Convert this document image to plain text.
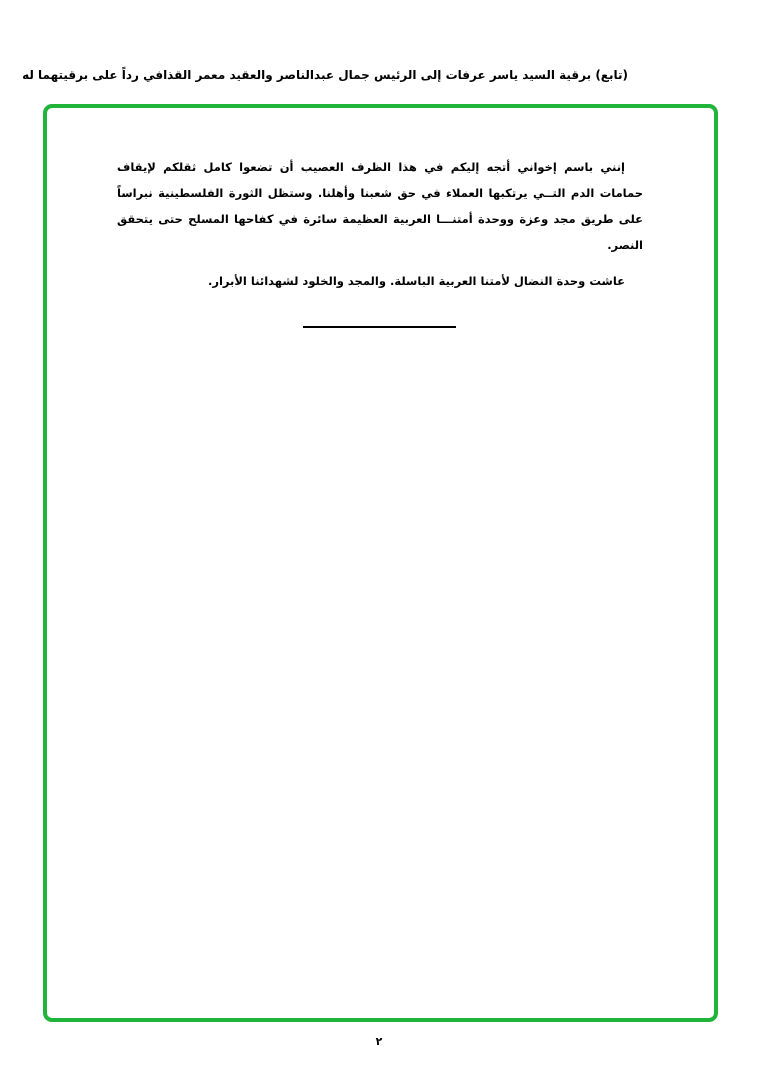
(تابع) برقية السيد ياسر عرفات إلى الرئيس جمال عبدالناصر والعقيد معمر القذافي رداً على برقيتهما له

إنني باسم إخواني أتجه إليكم في هذا الظرف العصيب أن تضعوا كامل ثقلكم لإيقاف حمامات الدم التــي يرتكبها العملاء في حق شعبنا وأهلنا. وستظل الثورة الفلسطينية نبراساً على طريق مجد وعزة ووحدة أمتنـــا العربية العظيمة سائرة في كفاحها المسلح حتى يتحقق النصر.

عاشت وحدة النضال لأمتنا العربية الباسلة. والمجد والخلود لشهدائنا الأبرار.

٢
